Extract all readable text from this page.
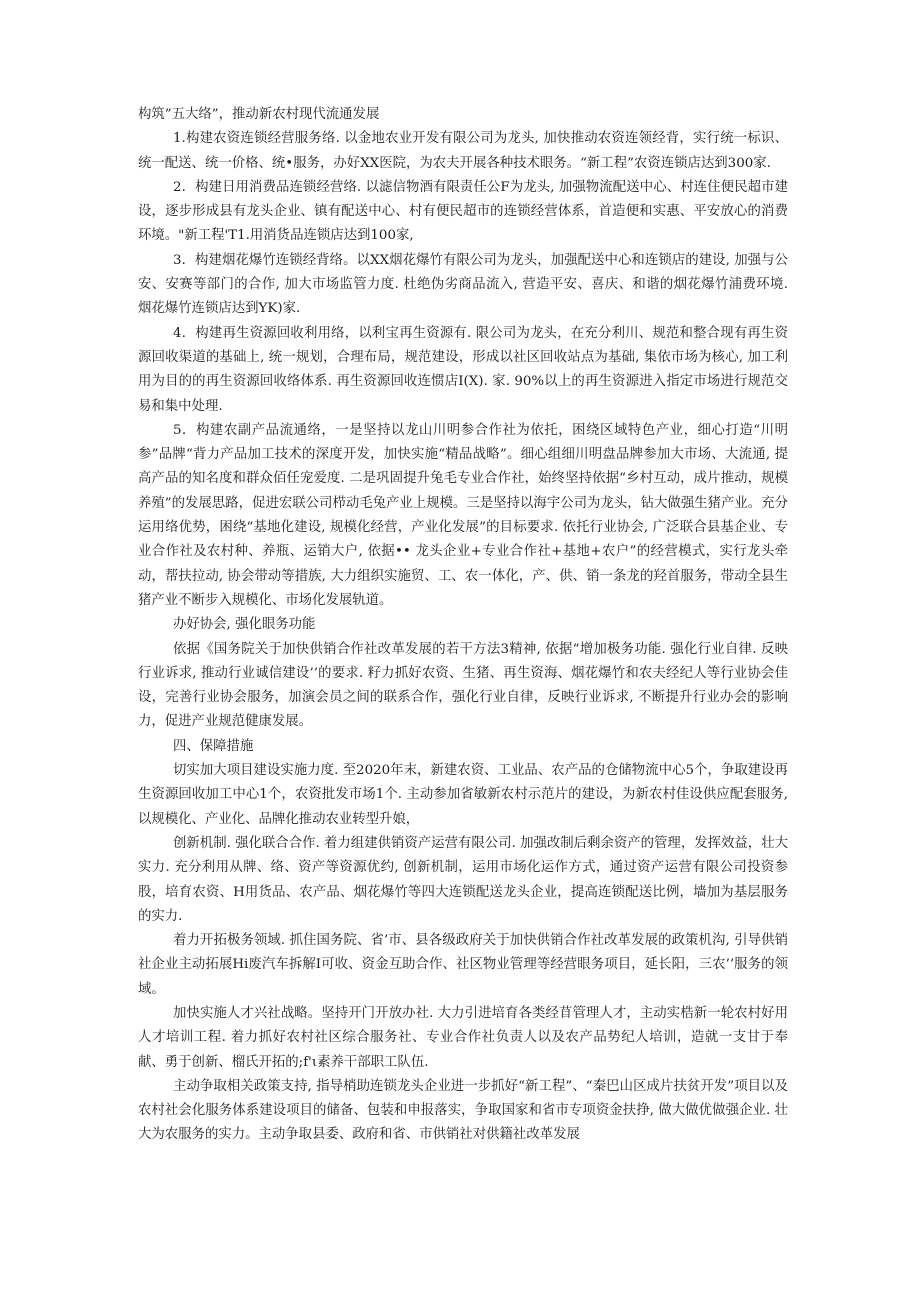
构筑”五大络”，推动新农村现代流通发展

1.构建农资连锁经营服务络. 以金地农业开发有限公司为龙头, 加快推动农资连领经背，实行统一标识、统一配送、统一价格、统•服务，办好XX医院，为农夫开展各种技术眼务。“新工程”农资连锁店达到300家.

2．构建日用消费品连锁经营络. 以滤信物酒有限责任公F为龙头, 加强物流配送中心、村连住便民超市建设，逐步形成县有龙头企业、镇有配送中心、村有便民超市的连锁经营体系，首造便和实惠、平安放心的消费环境。"新工程'T1.用消货品连锁店达到100家,

3．构建烟花爆竹连锁经背络。以XX烟花爆竹有限公司为龙头，加强配送中心和连锁店的建设, 加强与公安、安赛等部门的合作, 加大市场监管力度. 杜绝伪劣商品流入, 营造平安、喜庆、和谐的烟花爆竹浦费环境. 烟花爆竹连锁店达到YK)家.

4．构建再生资源回收利用络，以利宝再生资源有. 限公司为龙头，在充分利川、规范和整合现有再生资源回收渠道的基础上, 统一规划，合理布局，规范建设，形成以社区回收站点为基础, 集依市场为核心, 加工利用为目的的再生资源回收络体系. 再生资源回收连惯店I(X). 家. 90%以上的再生资源进入指定市场进行规范交易和集中处理.

5．构建农副产品流通络，一是坚持以龙山川明参合作社为依托，困绕区域特色产业，细心打造“川明参”品牌“背力产品加工技术的深度开发，加快实施“精品战略”。细心组细川明盘品牌参加大市场、大流通, 提高产品的知名度和群众佰任宠爱度. 二是巩固提升兔毛专业合作社，始终坚持依据“乡村互动，成片推动，规模养殖”的发展思路，促进宏联公司栉动毛兔产业上规模。三是坚持以海宇公司为龙头，钻大做强生猪产业。充分运用络优势，困绕“基地化建设, 规模化经营，产业化发展”的目标要求. 依托行业协会, 广泛联合县基企业、专业合作社及农村种、养瓶、运销大户, 依据•• 龙头企业+专业合作社+基地+农户”的经营模式，实行龙头牵动，帮扶拉动, 协会带动等措族, 大力组织实施贸、工、农一体化，产、供、销一条龙的羟首服务，带动全县生猪产业不断步入规模化、市场化发展轨道。

办好协会, 强化眼务功能

依据《国务院关于加快供销合作社改革发展的若干方法3精神, 依据“增加极务功能. 强化行业自律. 反映行业诉求, 推动行业诚信建设’’的要求. 籽力抓好农资、生猪、再生资海、烟花爆竹和农夫经纪人等行业协会佳设，完善行业协会服务，加演会员之间的联系合作，强化行业自律，反映行业诉求, 不断提升行业办会的影响力，促进产业规范健康发展。

四、保障措施

切实加大项目建设实施力度. 至2020年末，新建农资、工业品、农产品的仓储物流中心5个，争取建设再生资源回收加工中心1个，农资批发市场1个. 主动参加省敏新农村示范片的建设，为新农村佳设供应配套服务, 以规模化、产业化、品牌化推动农业转型升娘，

创新机制. 强化联合合作. 着力组建供销资产运营有限公司. 加强改制后剩余资产的管理，发挥效益，壮大实力. 充分利用从牌、络、资产等资源优约, 创新机制，运用市场化运作方式，通过资产运营有限公司投资参股，培育农资、H用货品、农产品、烟花爆竹等四大连锁配送龙头企业，提高连锁配送比例，墙加为基层服务的实力.

着力开拓极务领域. 抓住国务院、省’市、县各级政府关于加快供销合作社改革发展的政策机沟, 引导供销社企业主动拓展Hi废汽车拆解I可收、资金互助合作、社区物业管理等经营眼务项目，延长阳，三农’’服务的领域。

加快实施人才兴社战略。坚持开门开放办社. 大力引进培育各类经苜管理人才，主动实梏新一轮农村好用人才培训工程. 着力抓好农村社区综合服务社、专业合作社负责人以及农产品势纪人培训，造就一支甘于奉献、勇于创新、榴氏开拓的;f'ι素养干部职工队伍.

主动争取相关政策支持, 指导梢助连锁龙头企业进一步抓好“新工程”、“秦巴山区成片扶贫开发”项目以及农村社会化服务体系建设项目的储备、包装和申报落实，争取国家和省市专项资金扶挣, 做大做优做强企业. 壮大为农服务的实力。主动争取县委、政府和省、市供销社对供籍社改革发展
